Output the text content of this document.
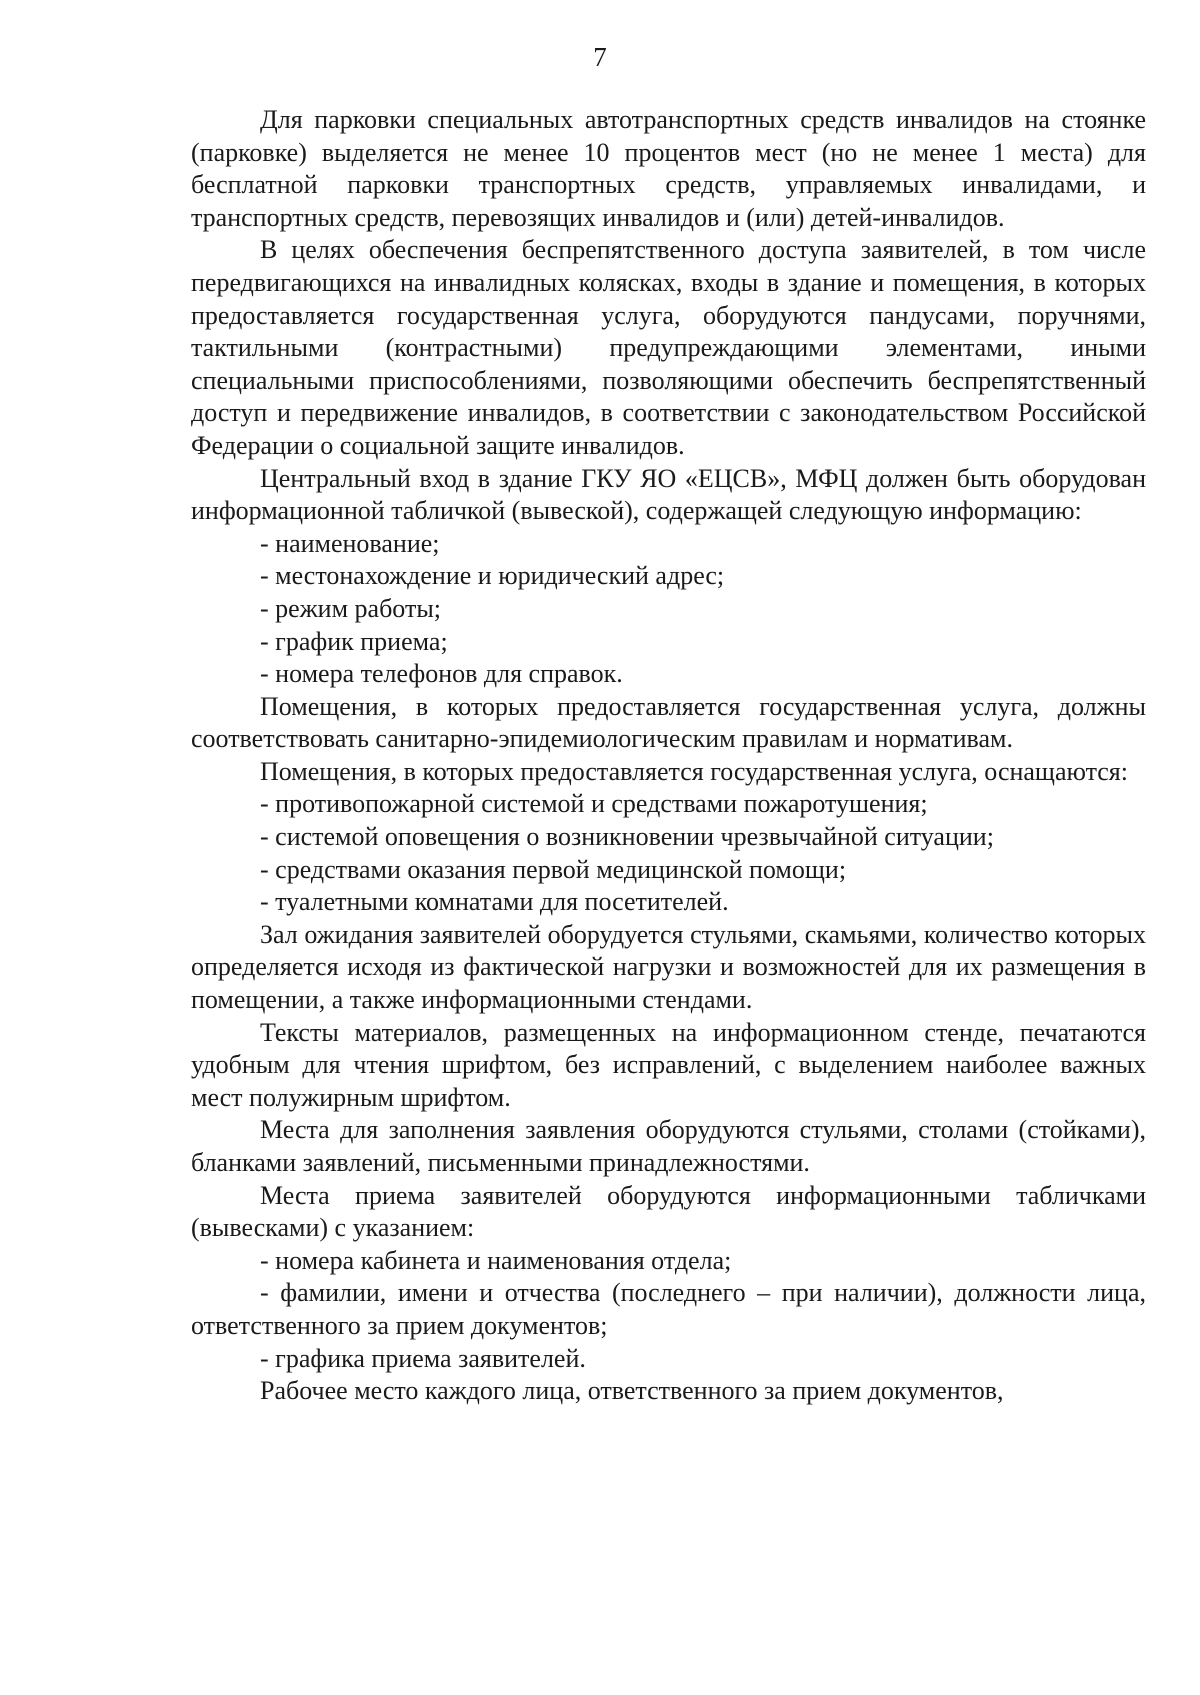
7

Для парковки специальных автотранспортных средств инвалидов на стоянке (парковке) выделяется не менее 10 процентов мест (но не менее 1 места) для бесплатной парковки транспортных средств, управляемых инвалидами, и транспортных средств, перевозящих инвалидов и (или) детей-инвалидов.

В целях обеспечения беспрепятственного доступа заявителей, в том числе передвигающихся на инвалидных колясках, входы в здание и помещения, в которых предоставляется государственная услуга, оборудуются пандусами, поручнями, тактильными (контрастными) предупреждающими элементами, иными специальными приспособлениями, позволяющими обеспечить беспрепятственный доступ и передвижение инвалидов, в соответствии с законодательством Российской Федерации о социальной защите инвалидов.

Центральный вход в здание ГКУ ЯО «ЕЦСВ», МФЦ должен быть оборудован информационной табличкой (вывеской), содержащей следующую информацию:

- наименование;

- местонахождение и юридический адрес;

- режим работы;

- график приема;

- номера телефонов для справок.

Помещения, в которых предоставляется государственная услуга, должны соответствовать санитарно-эпидемиологическим правилам и нормативам.

Помещения, в которых предоставляется государственная услуга, оснащаются:

- противопожарной системой и средствами пожаротушения;

- системой оповещения о возникновении чрезвычайной ситуации;

- средствами оказания первой медицинской помощи;

- туалетными комнатами для посетителей.

Зал ожидания заявителей оборудуется стульями, скамьями, количество которых определяется исходя из фактической нагрузки и возможностей для их размещения в помещении, а также информационными стендами.

Тексты материалов, размещенных на информационном стенде, печатаются удобным для чтения шрифтом, без исправлений, с выделением наиболее важных мест полужирным шрифтом.

Места для заполнения заявления оборудуются стульями, столами (стойками), бланками заявлений, письменными принадлежностями.

Места приема заявителей оборудуются информационными табличками (вывесками) с указанием:

- номера кабинета и наименования отдела;

- фамилии, имени и отчества (последнего – при наличии), должности лица, ответственного за прием документов;

- графика приема заявителей.

Рабочее место каждого лица, ответственного за прием документов,
